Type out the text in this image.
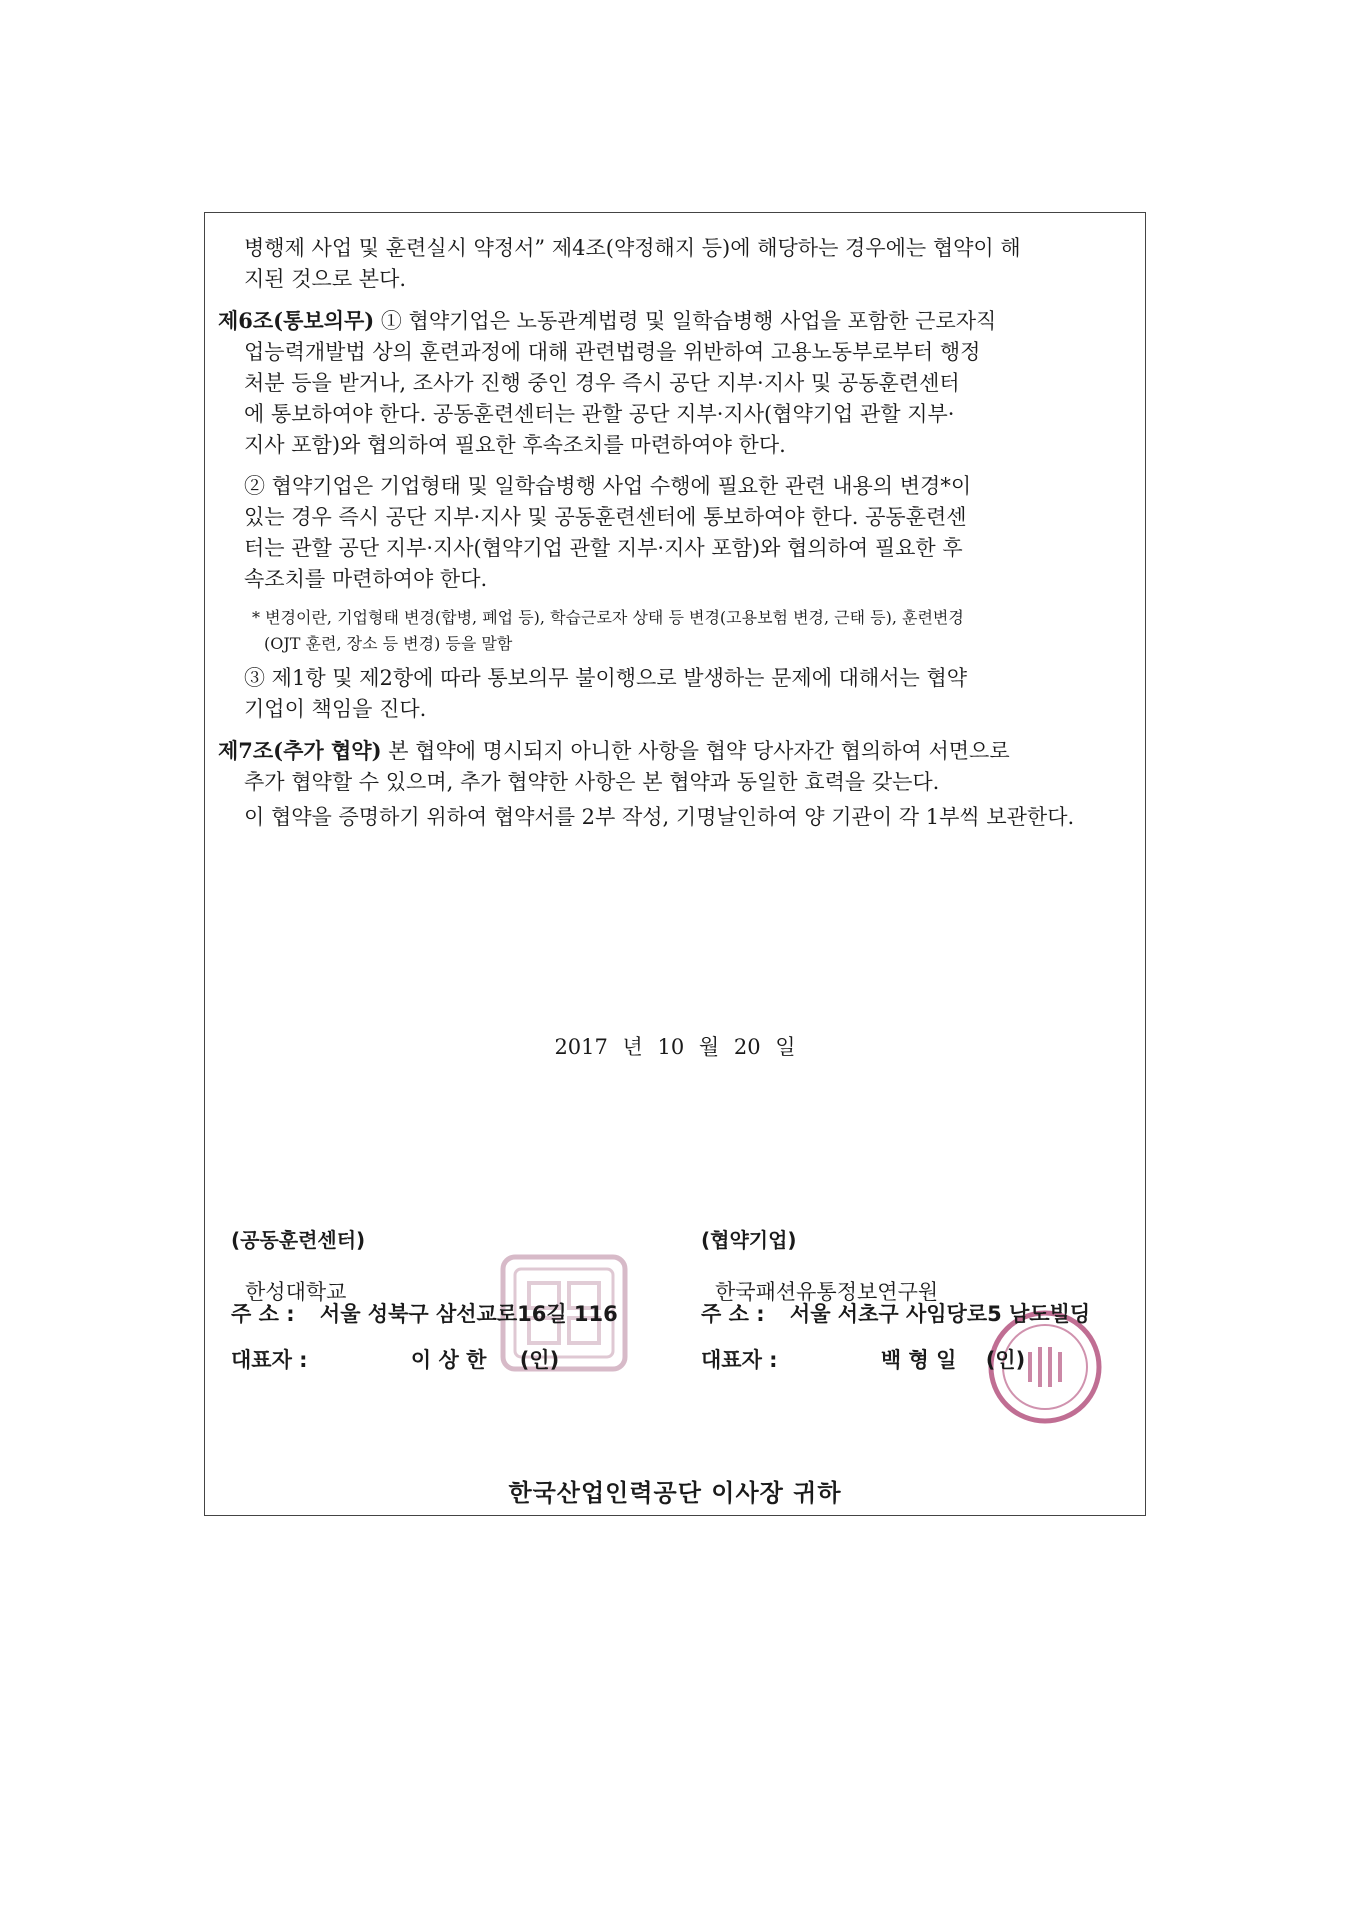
병행제 사업 및 훈련실시 약정서” 제4조(약정해지 등)에 해당하는 경우에는 협약이 해
지된 것으로 본다.

제6조(통보의무) ① 협약기업은 노동관계법령 및 일학습병행 사업을 포함한 근로자직
업능력개발법 상의 훈련과정에 대해 관련법령을 위반하여 고용노동부로부터 행정
처분 등을 받거나, 조사가 진행 중인 경우 즉시 공단 지부·지사 및 공동훈련센터
에 통보하여야 한다. 공동훈련센터는 관할 공단 지부·지사(협약기업 관할 지부·
지사 포함)와 협의하여 필요한 후속조치를 마련하여야 한다.

② 협약기업은 기업형태 및 일학습병행 사업 수행에 필요한 관련 내용의 변경*이
있는 경우 즉시 공단 지부·지사 및 공동훈련센터에 통보하여야 한다. 공동훈련센
터는 관할 공단 지부·지사(협약기업 관할 지부·지사 포함)와 협의하여 필요한 후
속조치를 마련하여야 한다.

* 변경이란, 기업형태 변경(합병, 폐업 등), 학습근로자 상태 등 변경(고용보험 변경, 근태 등), 훈련변경
(OJT 훈련, 장소 등 변경) 등을 말함

③ 제1항 및 제2항에 따라 통보의무 불이행으로 발생하는 문제에 대해서는 협약
기업이 책임을 진다.

제7조(추가 협약) 본 협약에 명시되지 아니한 사항을 협약 당사자간 협의하여 서면으로
추가 협약할 수 있으며, 추가 협약한 사항은 본 협약과 동일한 효력을 갖는다.

이 협약을 증명하기 위하여 협약서를 2부 작성, 기명날인하여 양 기관이 각 1부씩 보관한다.

2017 년 10 월 20 일
(공동훈련센터)
한성대학교
주 소 : 서울 성북구 삼선교로16길 116
대표자 :	이 상 한 (인)
(협약기업)
한국패션유통정보연구원
주 소 : 서울 서초구 사임당로5 남도빌딩
대표자 :	백 형 일 (인)
한국산업인력공단 이사장 귀하
